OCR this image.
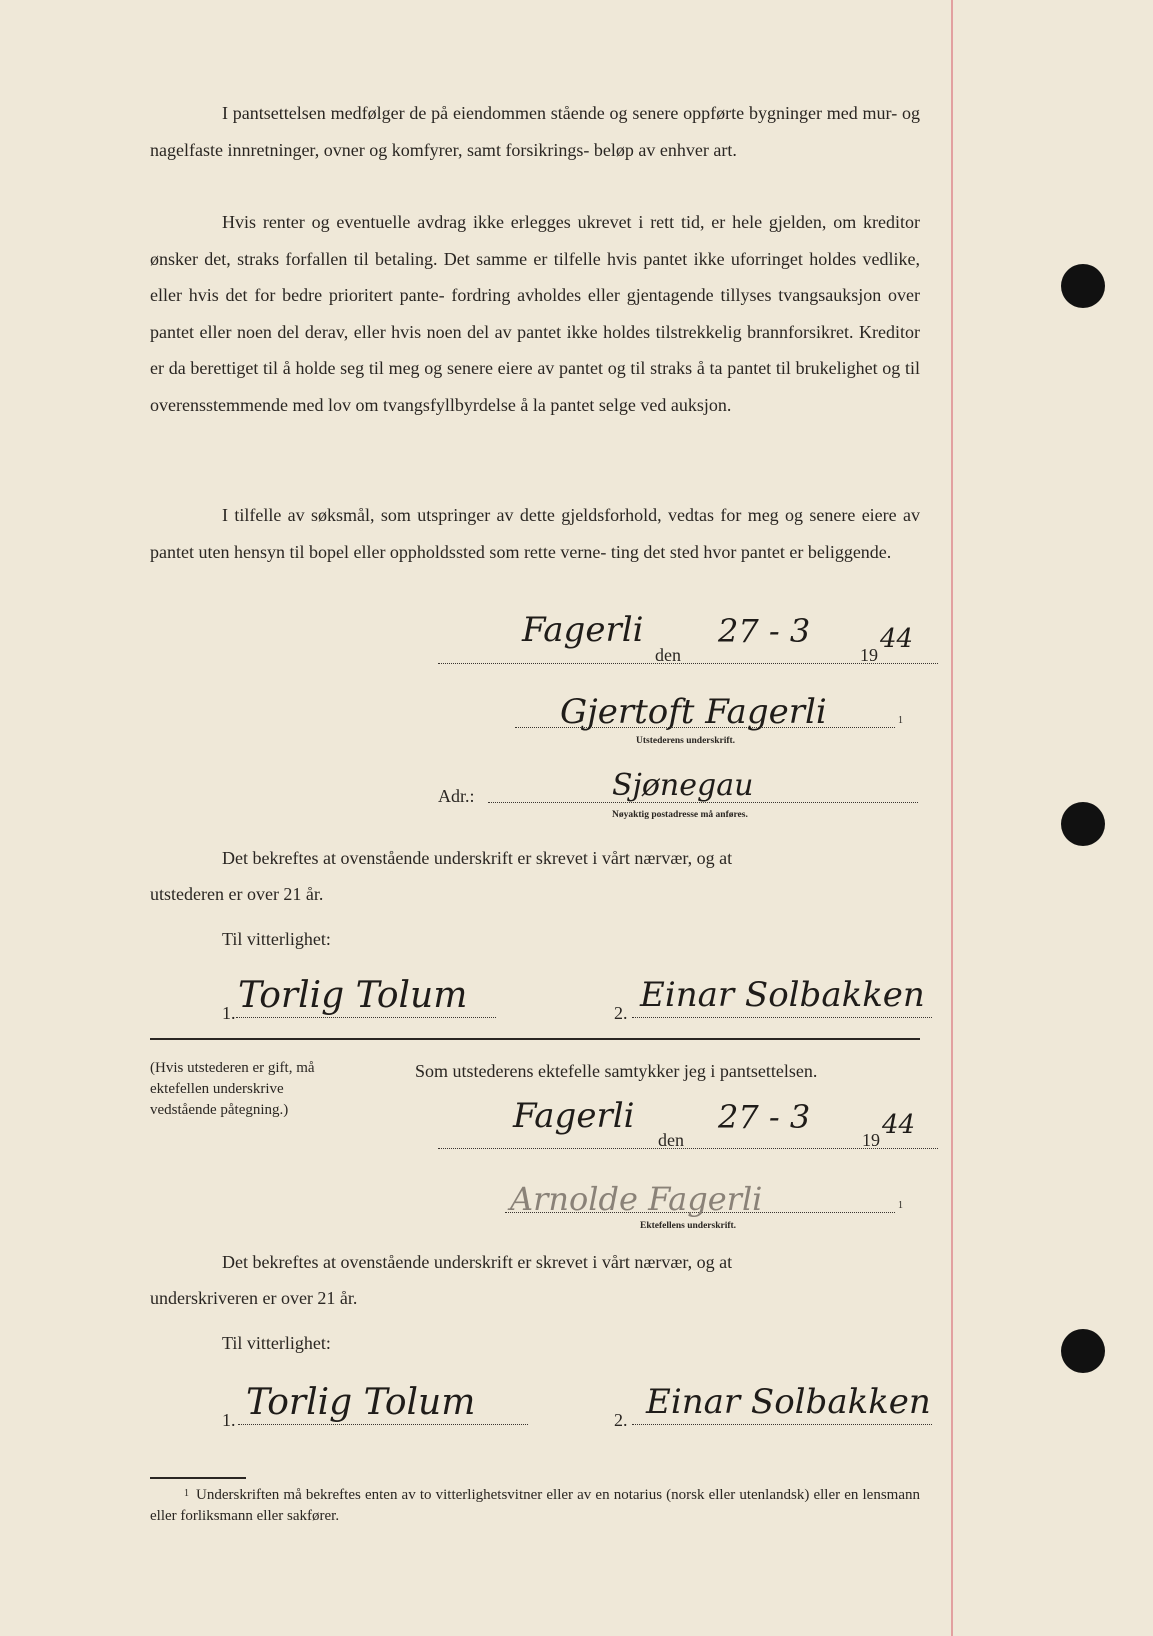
I pantsettelsen medfølger de på eiendommen stående og senere oppførte bygninger med mur- og nagelfaste innretninger, ovner og komfyrer, samt forsikrings- beløp av enhver art.

Hvis renter og eventuelle avdrag ikke erlegges ukrevet i rett tid, er hele gjelden, om kreditor ønsker det, straks forfallen til betaling. Det samme er tilfelle hvis pantet ikke uforringet holdes vedlike, eller hvis det for bedre prioritert pante- fordring avholdes eller gjentagende tillyses tvangsauksjon over pantet eller noen del derav, eller hvis noen del av pantet ikke holdes tilstrekkelig brannforsikret. Kreditor er da berettiget til å holde seg til meg og senere eiere av pantet og til straks å ta pantet til brukelighet og til overensstemmende med lov om tvangsfyllbyrdelse å la pantet selge ved auksjon.

I tilfelle av søksmål, som utspringer av dette gjeldsforhold, vedtas for meg og senere eiere av pantet uten hensyn til bopel eller oppholdssted som rette verne- ting det sted hvor pantet er beliggende.

Fagerli
den
27 - 3
19
44
Gjertoft Fagerli	1
Utstederens underskrift.
Adr.:	Sjønegau
Nøyaktig postadresse må anføres.
Det bekreftes at ovenstående underskrift er skrevet i vårt nærvær, og at
utstederen er over 21 år.
Til vitterlighet:
1. Torlig Tolum	2. Einar Solbakken

(Hvis utstederen er gift, må ektefellen underskrive vedstående påtegning.)

Som utstederens ektefelle samtykker jeg i pantsettelsen.
Fagerli
den
27 - 3
19 44
Arnolde Fagerli	1
Ektefellens underskrift.
Det bekreftes at ovenstående underskrift er skrevet i vårt nærvær, og at
underskriveren er over 21 år.
Til vitterlighet:
1. Torlig Tolum	2. Einar Solbakken
1 Underskriften må bekreftes enten av to vitterlighetsvitner eller av en notarius (norsk eller utenlandsk) eller en lensmann eller forliksmann eller sakfører.
